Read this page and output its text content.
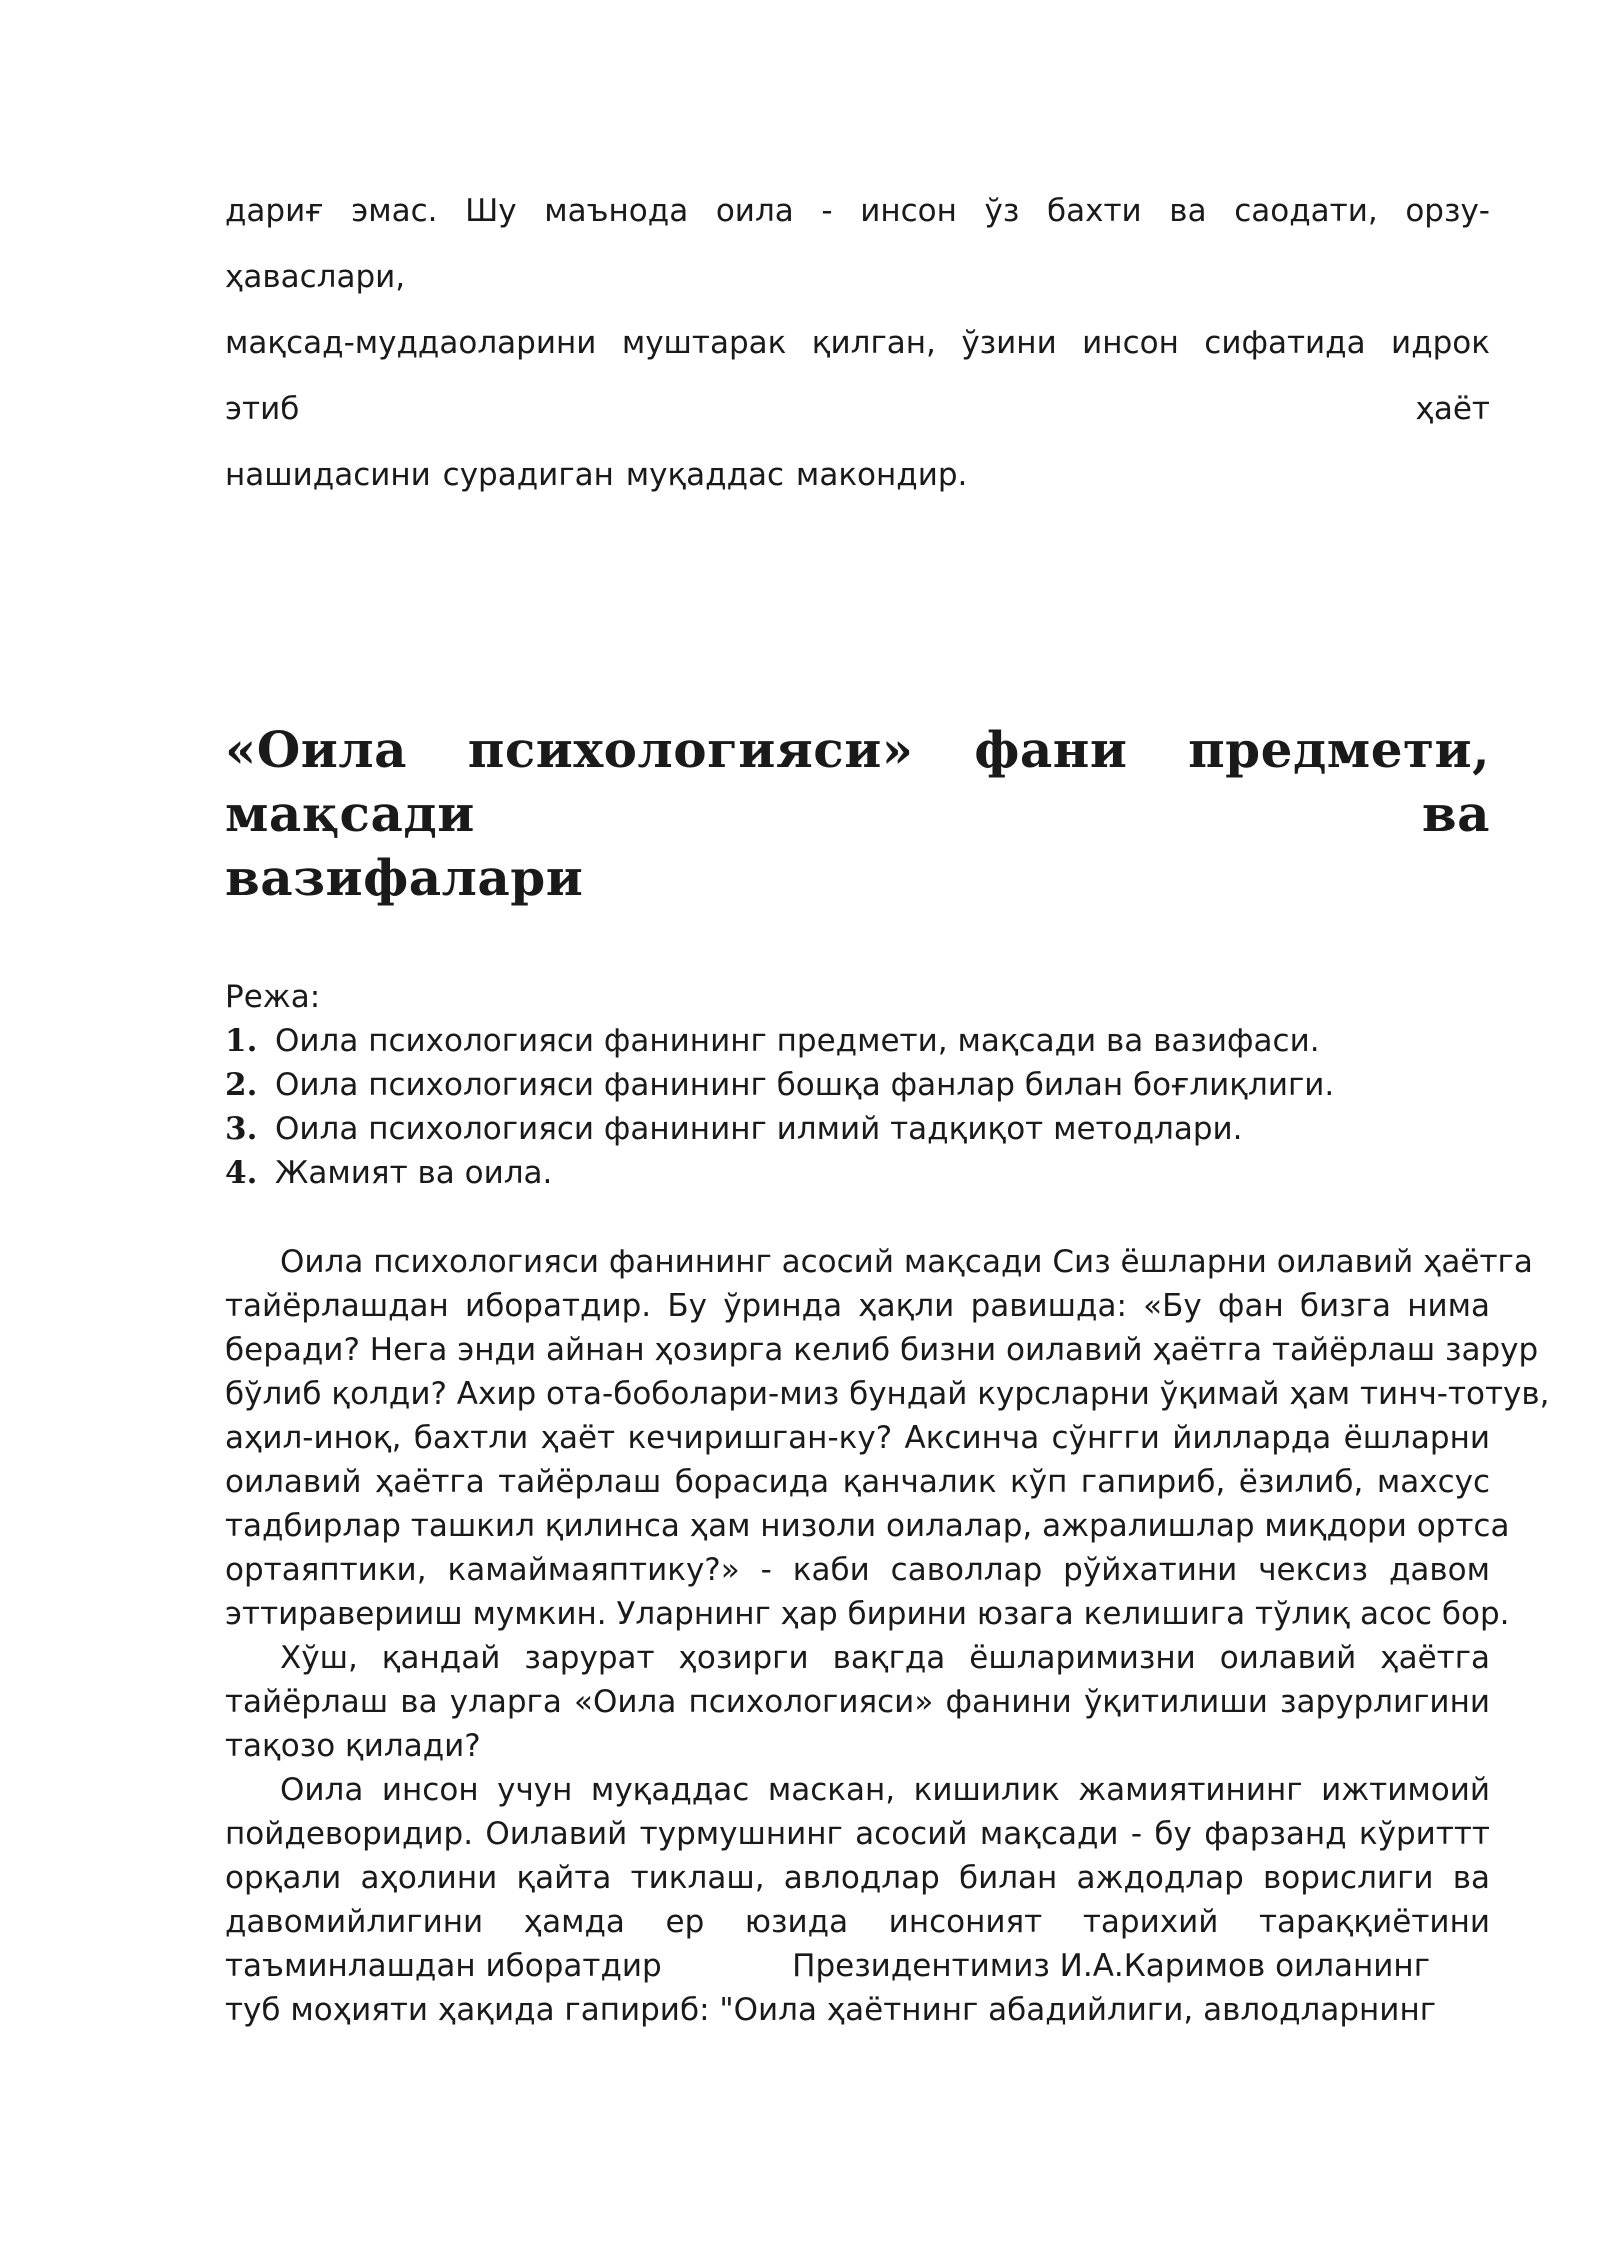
дариғ эмас. Шу маънода оила - инсон ўз бахти ва саодати, орзу- ҳаваслари,
мақсад-муддаоларини муштарак қилган, ўзини инсон сифатида идрок этиб ҳаёт
нашидасини сурадиган муқаддас макондир.
«Оила психологияси» фани предмети, мақсади ва
вазифалари
Режа:
1. Оила психологияси фанининг предмети, мақсади ва вазифаси.
2. Оила психологияси фанининг бошқа фанлар билан боғлиқлиги.
3. Оила психологияси фанининг илмий тадқиқот методлари.
4. Жамият ва оила.
Оила психологияси фанининг асосий мақсади Сиз ёшларни оилавий ҳаётга
тайёрлашдан иборатдир. Бу ўринда ҳақли равишда: «Бу фан бизга нима
беради? Нега энди айнан ҳозирга келиб бизни оилавий ҳаётга тайёрлаш зарур
бўлиб қолди? Ахир ота-боболари-миз бундай курсларни ўқимай ҳам тинч-тотув,
аҳил-иноқ, бахтли ҳаёт кечиришган-ку? Аксинча сўнгги йилларда ёшларни
оилавий ҳаётга тайёрлаш борасида қанчалик кўп гапириб, ёзилиб, махсус
тадбирлар ташкил қилинса ҳам низоли оилалар, ажралишлар миқдори ортса
ортаяптики, камаймаяптику?» - каби саволлар рўйхатини чексиз давом
эттираверииш мумкин. Уларнинг ҳар бирини юзага келишига тўлиқ асос бор.
Хўш, қандай зарурат ҳозирги вақгда ёшларимизни оилавий ҳаётга
тайёрлаш ва уларга «Оила психологияси» фанини ўқитилиши зарурлигини
тақозо қилади?
Оила инсон учун муқаддас маскан, кишилик жамиятининг ижтимоий
пойдеворидир. Оилавий турмушнинг асосий мақсади - бу фарзанд кўриттт
орқали аҳолини қайта тиклаш, авлодлар билан аждодлар ворислиги ва
давомийлигини ҳамда ер юзида инсоният тарихий тараққиётини
таъминлашдан иборатдир	Президентимиз И.А.Каримов оиланинг
туб моҳияти ҳақида гапириб: "Оила ҳаётнинг абадийлиги, авлодларнинг
